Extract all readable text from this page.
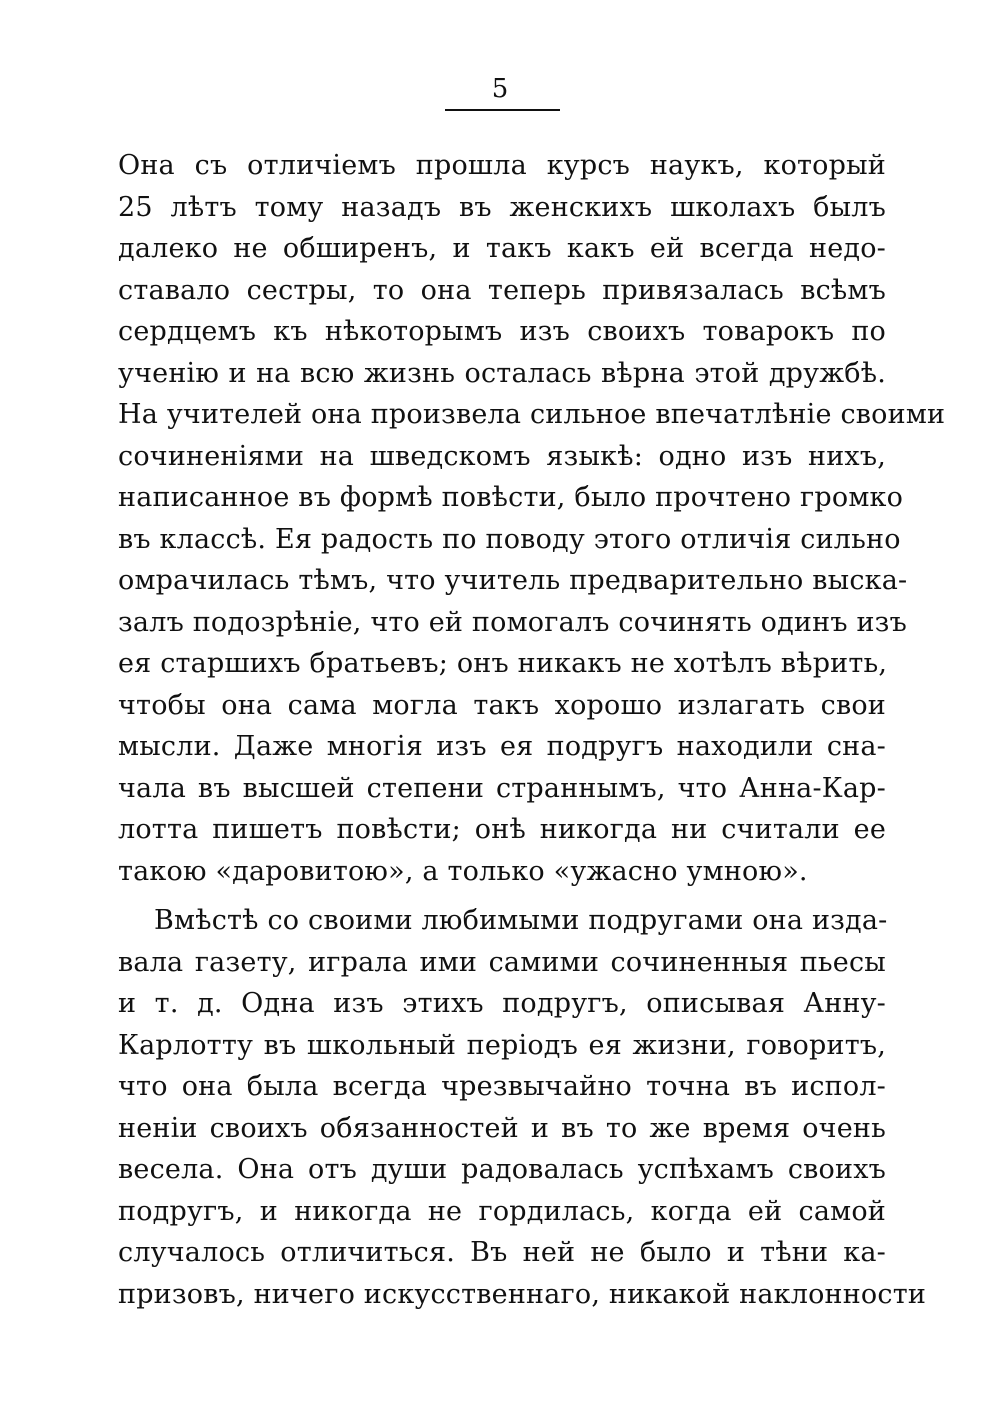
5
Она съ отличіемъ прошла курсъ наукъ, который
25 лѣтъ тому назадъ въ женскихъ школахъ былъ
далеко не обширенъ, и такъ какъ ей всегда недо-
ставало сестры, то она теперь привязалась всѣмъ
сердцемъ къ нѣкоторымъ изъ своихъ товарокъ по
ученію и на всю жизнь осталась вѣрна этой дружбѣ.
На учителей она произвела сильное впечатлѣніе своими
сочиненіями на шведскомъ языкѣ: одно изъ нихъ,
написанное въ формѣ повѣсти, было прочтено громко
въ классѣ. Ея радость по поводу этого отличія сильно
омрачилась тѣмъ, что учитель предварительно выска-
залъ подозрѣніе, что ей помогалъ сочинять одинъ изъ
ея старшихъ братьевъ; онъ никакъ не хотѣлъ вѣрить,
чтобы она сама могла такъ хорошо излагать свои
мысли. Даже многія изъ ея подругъ находили сна-
чала въ высшей степени страннымъ, что Анна-Кар-
лотта пишетъ повѣсти; онѣ никогда ни считали ее
такою «даровитою», а только «ужасно умною».
Вмѣстѣ со своими любимыми подругами она изда-
вала газету, играла ими самими сочиненныя пьесы
и т. д. Одна изъ этихъ подругъ, описывая Анну-
Карлотту въ школьный періодъ ея жизни, говоритъ,
что она была всегда чрезвычайно точна въ испол-
неніи своихъ обязанностей и въ то же время очень
весела. Она отъ души радовалась успѣхамъ своихъ
подругъ, и никогда не гордилась, когда ей самой
случалось отличиться. Въ ней не было и тѣни ка-
призовъ, ничего искусственнаго, никакой наклонности
